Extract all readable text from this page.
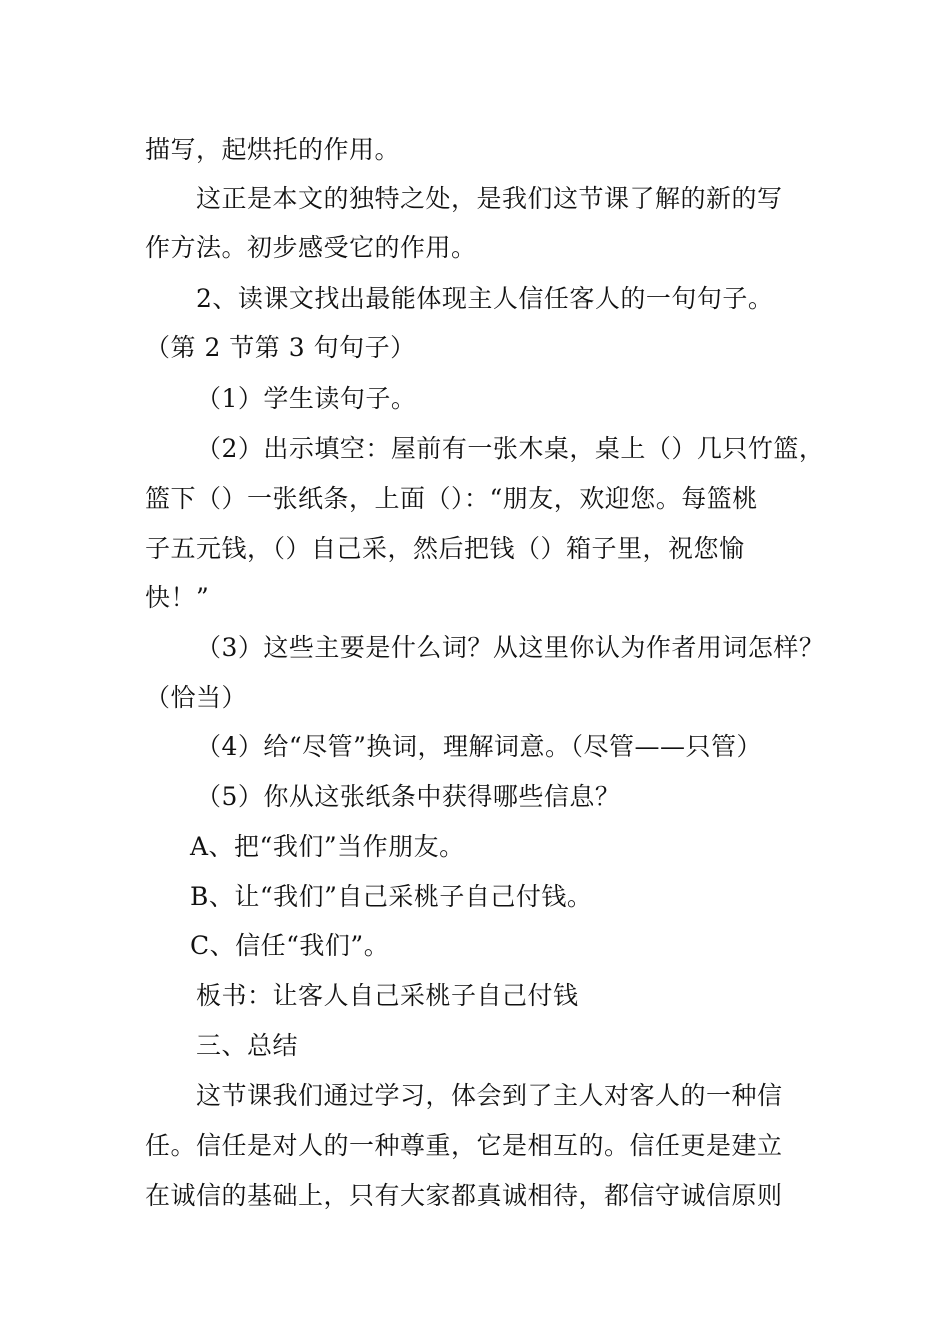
描写，起烘托的作用。
这正是本文的独特之处，是我们这节课了解的新的写
作方法。初步感受它的作用。
2、读课文找出最能体现主人信任客人的一句句子。
（第 2 节第 3 句句子）
（1）学生读句子。
（2）出示填空：屋前有一张木桌，桌上（）几只竹篮，
篮下（）一张纸条，上面（）：“朋友，欢迎您。每篮桃
子五元钱，（）自己采，然后把钱（）箱子里，祝您愉
快！”
（3）这些主要是什么词？从这里你认为作者用词怎样？
（恰当）
（4）给“尽管”换词，理解词意。（尽管——只管）
（5）你从这张纸条中获得哪些信息？
A、把“我们”当作朋友。
B、让“我们”自己采桃子自己付钱。
C、信任“我们”。
板书：让客人自己采桃子自己付钱
三、总结
这节课我们通过学习，体会到了主人对客人的一种信
任。信任是对人的一种尊重，它是相互的。信任更是建立
在诚信的基础上，只有大家都真诚相待，都信守诚信原则
